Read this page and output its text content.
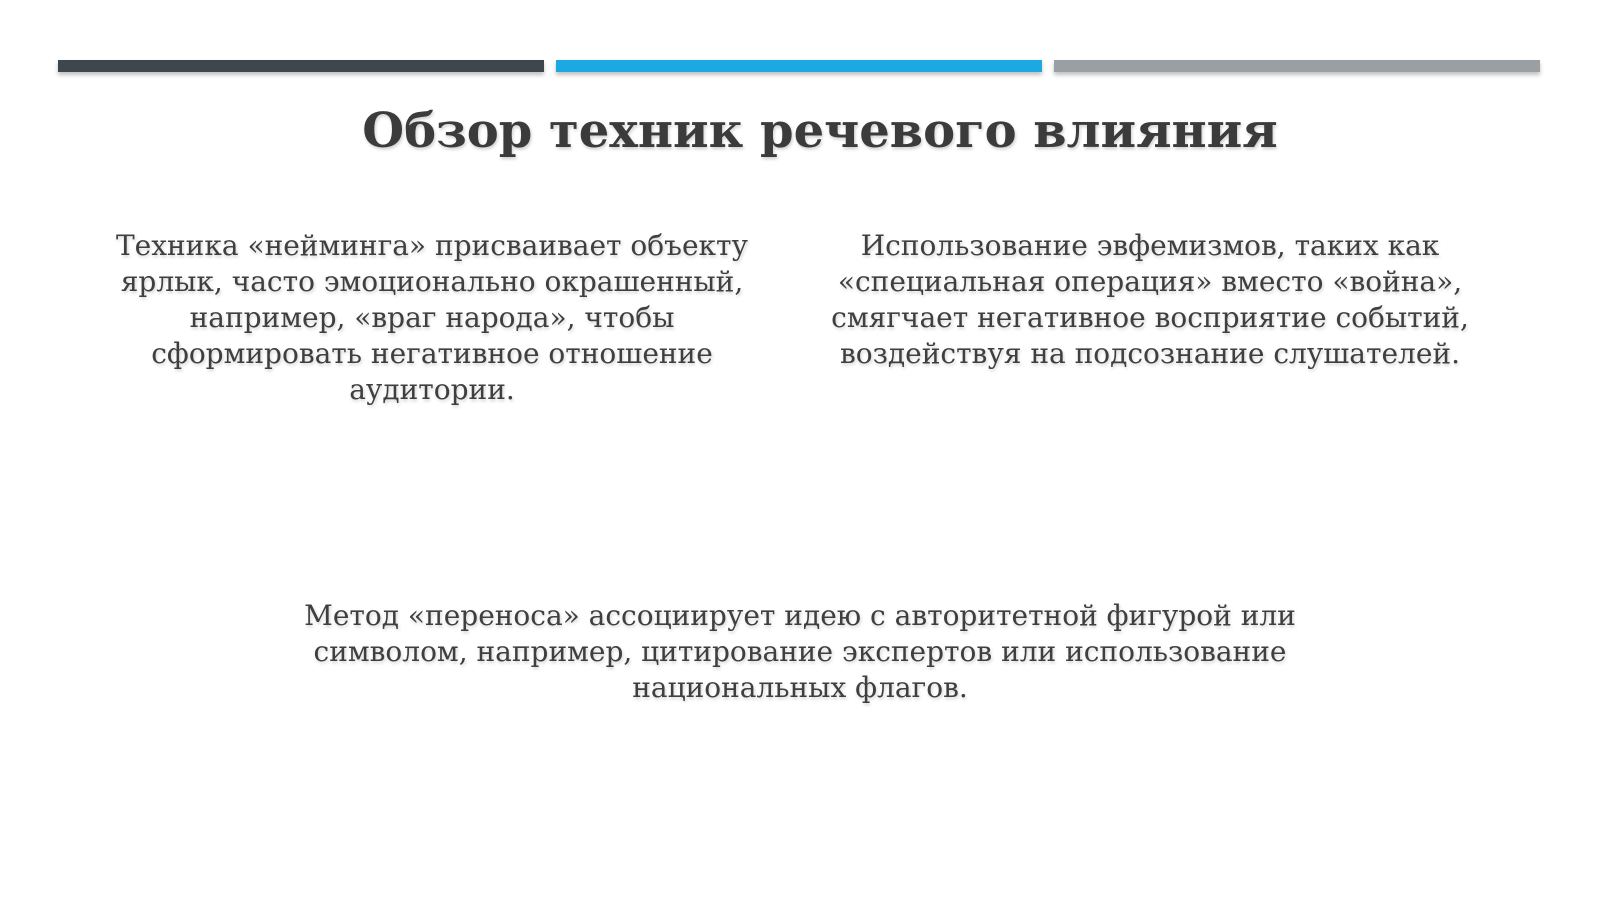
Обзор техник речевого влияния
Техника «нейминга» присваивает объекту ярлык, часто эмоционально окрашенный, например, «враг народа», чтобы сформировать негативное отношение аудитории.
Использование эвфемизмов, таких как «специальная операция» вместо «война», смягчает негативное восприятие событий, воздействуя на подсознание слушателей.
Метод «переноса» ассоциирует идею с авторитетной фигурой или символом, например, цитирование экспертов или использование национальных флагов.
